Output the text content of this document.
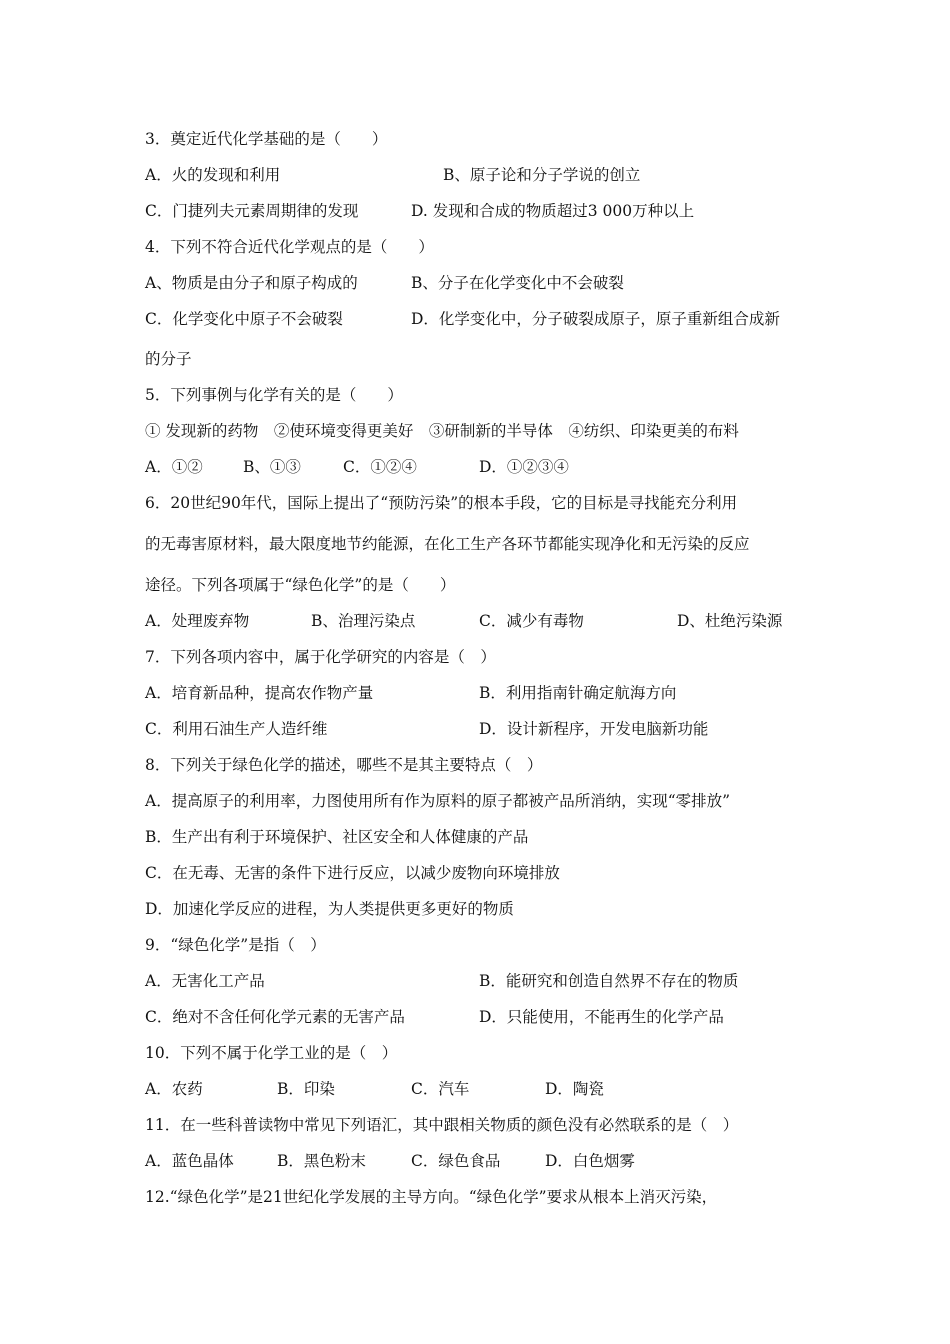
3．奠定近代化学基础的是（　　）
A．火的发现和利用	B、原子论和分子学说的创立
C．门捷列夫元素周期律的发现	D. 发现和合成的物质超过3 000万种以上
4．下列不符合近代化学观点的是（　　）
A、物质是由分子和原子构成的	B、分子在化学变化中不会破裂
C．化学变化中原子不会破裂	D．化学变化中，分子破裂成原子，原子重新组合成新
的分子
5．下列事例与化学有关的是（　　）
① 发现新的药物　②使环境变得更美好　③研制新的半导体　④纺织、印染更美的布料
A．①②	B、①③	C．①②④	D．①②③④
6．20世纪90年代，国际上提出了“预防污染”的根本手段，它的目标是寻找能充分利用
的无毒害原材料，最大限度地节约能源，在化工生产各环节都能实现净化和无污染的反应
途径。下列各项属于“绿色化学”的是（　　）
A．处理废弃物	B、治理污染点	C．减少有毒物	D、杜绝污染源
7．下列各项内容中，属于化学研究的内容是（　）
A．培育新品种，提高农作物产量	B．利用指南针确定航海方向
C．利用石油生产人造纤维	D．设计新程序，开发电脑新功能
8．下列关于绿色化学的描述，哪些不是其主要特点（　）
A．提高原子的利用率，力图使用所有作为原料的原子都被产品所消纳，实现“零排放”
B．生产出有利于环境保护、社区安全和人体健康的产品
C．在无毒、无害的条件下进行反应，以减少废物向环境排放
D．加速化学反应的进程，为人类提供更多更好的物质
9．“绿色化学”是指（　）
A．无害化工产品	B．能研究和创造自然界不存在的物质
C．绝对不含任何化学元素的无害产品	D．只能使用，不能再生的化学产品
10．下列不属于化学工业的是（　）
A．农药	B．印染	C．汽车	D．陶瓷
11．在一些科普读物中常见下列语汇，其中跟相关物质的颜色没有必然联系的是（　）
A．蓝色晶体	B．黑色粉末	C．绿色食品	D．白色烟雾
12.“绿色化学”是21世纪化学发展的主导方向。“绿色化学”要求从根本上消灭污染，
